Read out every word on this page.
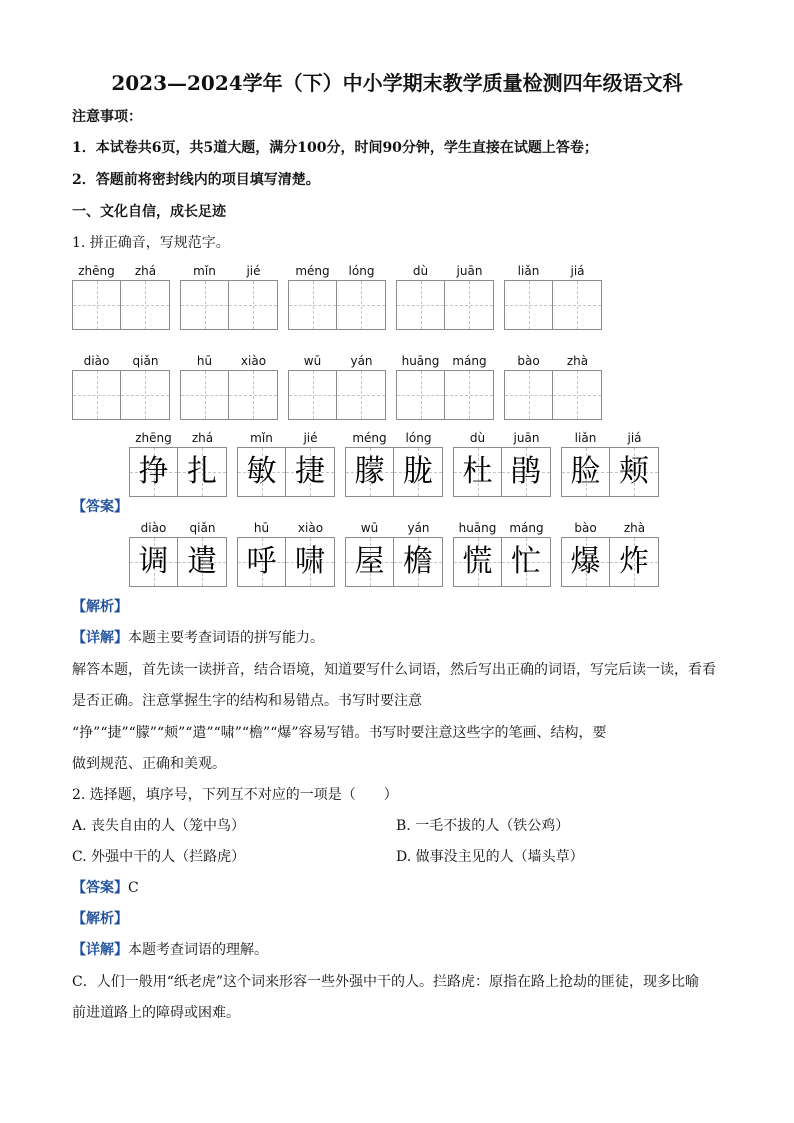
2023—2024学年（下）中小学期末教学质量检测四年级语文科
注意事项：
1．本试卷共6页，共5道大题，满分100分，时间90分钟，学生直接在试题上答卷；
2．答题前将密封线内的项目填写清楚。
一、文化自信，成长足迹
1. 拼正确音，写规范字。
zhēng	zhá	mǐn	jié	méng	lóng	dù	juān	liǎn	jiá
diào	qiǎn	hū	xiào	wū	yán	huāng	máng	bào	zhà
zhēng	zhá
挣 扎
mǐn	jié
敏 捷
méng	lóng
朦 胧
dù	juān
杜 鹃
liǎn	jiá
脸 颊
【答案】
diào	qiǎn
调 遣
hū	xiào
呼 啸
wū	yán
屋 檐
huāng	máng
慌 忙
bào	zhà
爆 炸
【解析】
【详解】本题主要考查词语的拼写能力。
解答本题，首先读一读拼音，结合语境，知道要写什么词语，然后写出正确的词语，写完后读一读，看看
是否正确。注意掌握生字的结构和易错点。书写时要注意
“挣”“捷”“朦”“颊”“遣”“啸”“檐”“爆”容易写错。书写时要注意这些字的笔画、结构，要
做到规范、正确和美观。
2. 选择题，填序号，下列互不对应的一项是（　　）
A. 丧失自由的人（笼中鸟）	B. 一毛不拔的人（铁公鸡）
C. 外强中干的人（拦路虎）	D. 做事没主见的人（墙头草）
【答案】C
【解析】
【详解】本题考查词语的理解。
C．人们一般用“纸老虎”这个词来形容一些外强中干的人。拦路虎：原指在路上抢劫的匪徒，现多比喻
前进道路上的障碍或困难。
